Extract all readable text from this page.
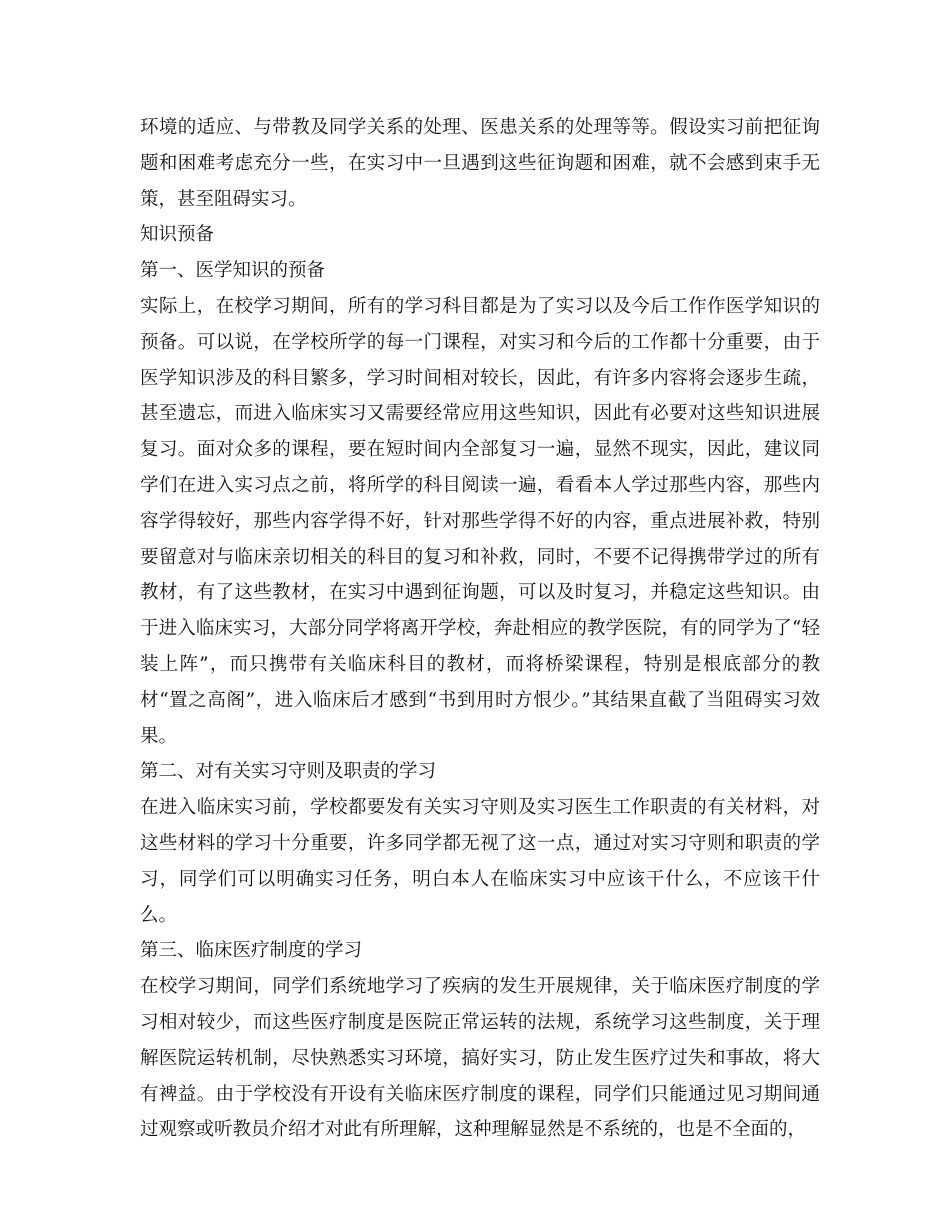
环境的适应、与带教及同学关系的处理、医患关系的处理等等。假设实习前把征询题和困难考虑充分一些，在实习中一旦遇到这些征询题和困难，就不会感到束手无策，甚至阻碍实习。

知识预备

第一、医学知识的预备

实际上，在校学习期间，所有的学习科目都是为了实习以及今后工作作医学知识的预备。可以说，在学校所学的每一门课程，对实习和今后的工作都十分重要，由于医学知识涉及的科目繁多，学习时间相对较长，因此，有许多内容将会逐步生疏，甚至遗忘，而进入临床实习又需要经常应用这些知识，因此有必要对这些知识进展复习。面对众多的课程，要在短时间内全部复习一遍，显然不现实，因此，建议同学们在进入实习点之前，将所学的科目阅读一遍，看看本人学过那些内容，那些内容学得较好，那些内容学得不好，针对那些学得不好的内容，重点进展补救，特别要留意对与临床亲切相关的科目的复习和补救，同时，不要不记得携带学过的所有教材，有了这些教材，在实习中遇到征询题，可以及时复习，并稳定这些知识。由于进入临床实习，大部分同学将离开学校，奔赴相应的教学医院，有的同学为了“轻装上阵”，而只携带有关临床科目的教材，而将桥梁课程，特别是根底部分的教材“置之高阁”，进入临床后才感到“书到用时方恨少。”其结果直截了当阻碍实习效果。

第二、对有关实习守则及职责的学习

在进入临床实习前，学校都要发有关实习守则及实习医生工作职责的有关材料，对这些材料的学习十分重要，许多同学都无视了这一点，通过对实习守则和职责的学习，同学们可以明确实习任务，明白本人在临床实习中应该干什么，不应该干什么。

第三、临床医疗制度的学习

在校学习期间，同学们系统地学习了疾病的发生开展规律，关于临床医疗制度的学习相对较少，而这些医疗制度是医院正常运转的法规，系统学习这些制度，关于理解医院运转机制，尽快熟悉实习环境，搞好实习，防止发生医疗过失和事故，将大有裨益。由于学校没有开设有关临床医疗制度的课程，同学们只能通过见习期间通过观察或听教员介绍才对此有所理解，这种理解显然是不系统的，也是不全面的，
